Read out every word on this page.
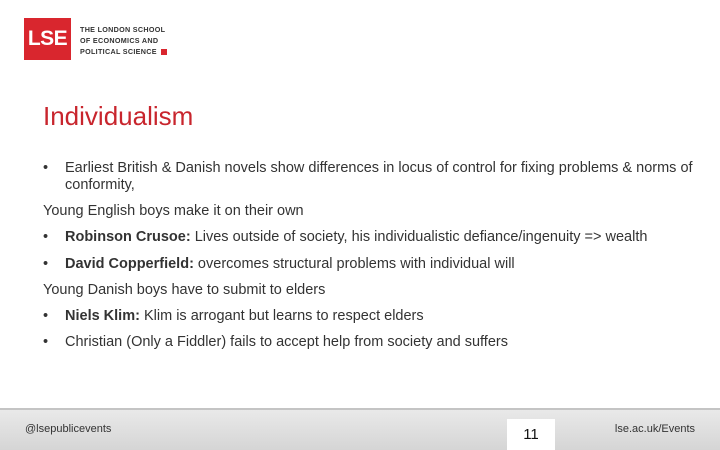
LSE	THE LONDON SCHOOL
OF ECONOMICS AND
POLITICAL SCIENCE
Individualism
• Earliest British & Danish novels show differences in locus of control for fixing problems & norms of conformity,
Young English boys make it on their own
• Robinson Crusoe: Lives outside of society, his individualistic defiance/ingenuity => wealth
• David Copperfield: overcomes structural problems with individual will
Young Danish boys have to submit to elders
• Niels Klim: Klim is arrogant but learns to respect elders
• Christian (Only a Fiddler) fails to accept help from society and suffers
@lsepublicevents	11	lse.ac.uk/Events
